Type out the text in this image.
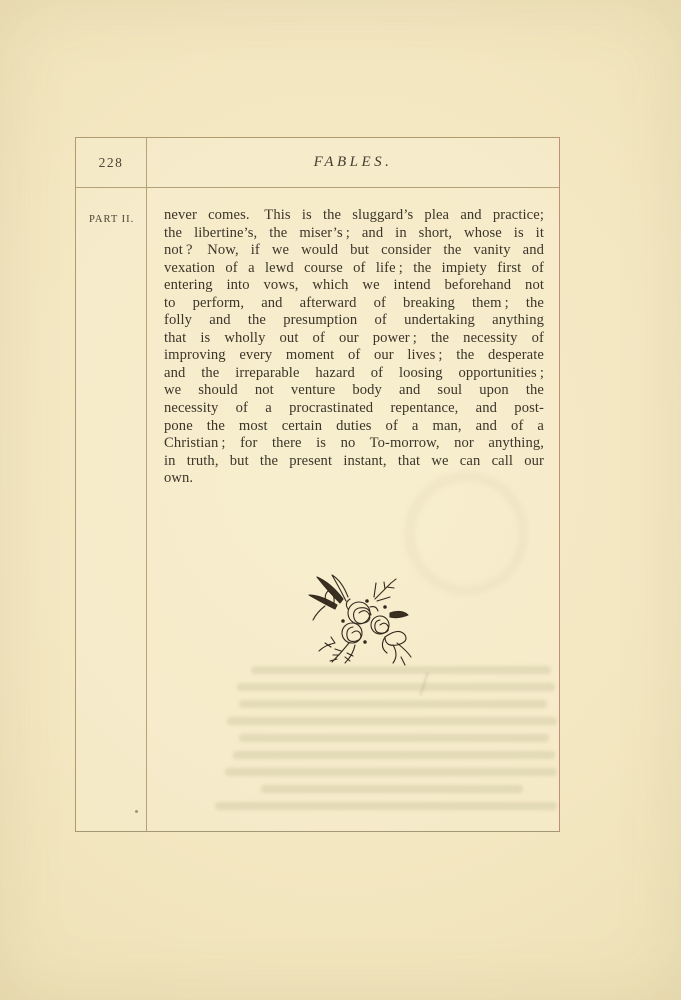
228	FABLES.
PART II.	never comes. This is the sluggard’s plea and practice;
the libertine’s, the miser’s ; and in short, whose is it
not ? Now, if we would but consider the vanity and
vexation of a lewd course of life ; the impiety first of
entering into vows, which we intend beforehand not
to perform, and afterward of breaking them ; the
folly and the presumption of undertaking anything
that is wholly out of our power ; the necessity of
improving every moment of our lives ; the desperate
and the irreparable hazard of loosing opportunities ;
we should not venture body and soul upon the
necessity of a procrastinated repentance, and post-
pone the most certain duties of a man, and of a
Christian ; for there is no To-morrow, nor anything,
in truth, but the present instant, that we can call our
own.
